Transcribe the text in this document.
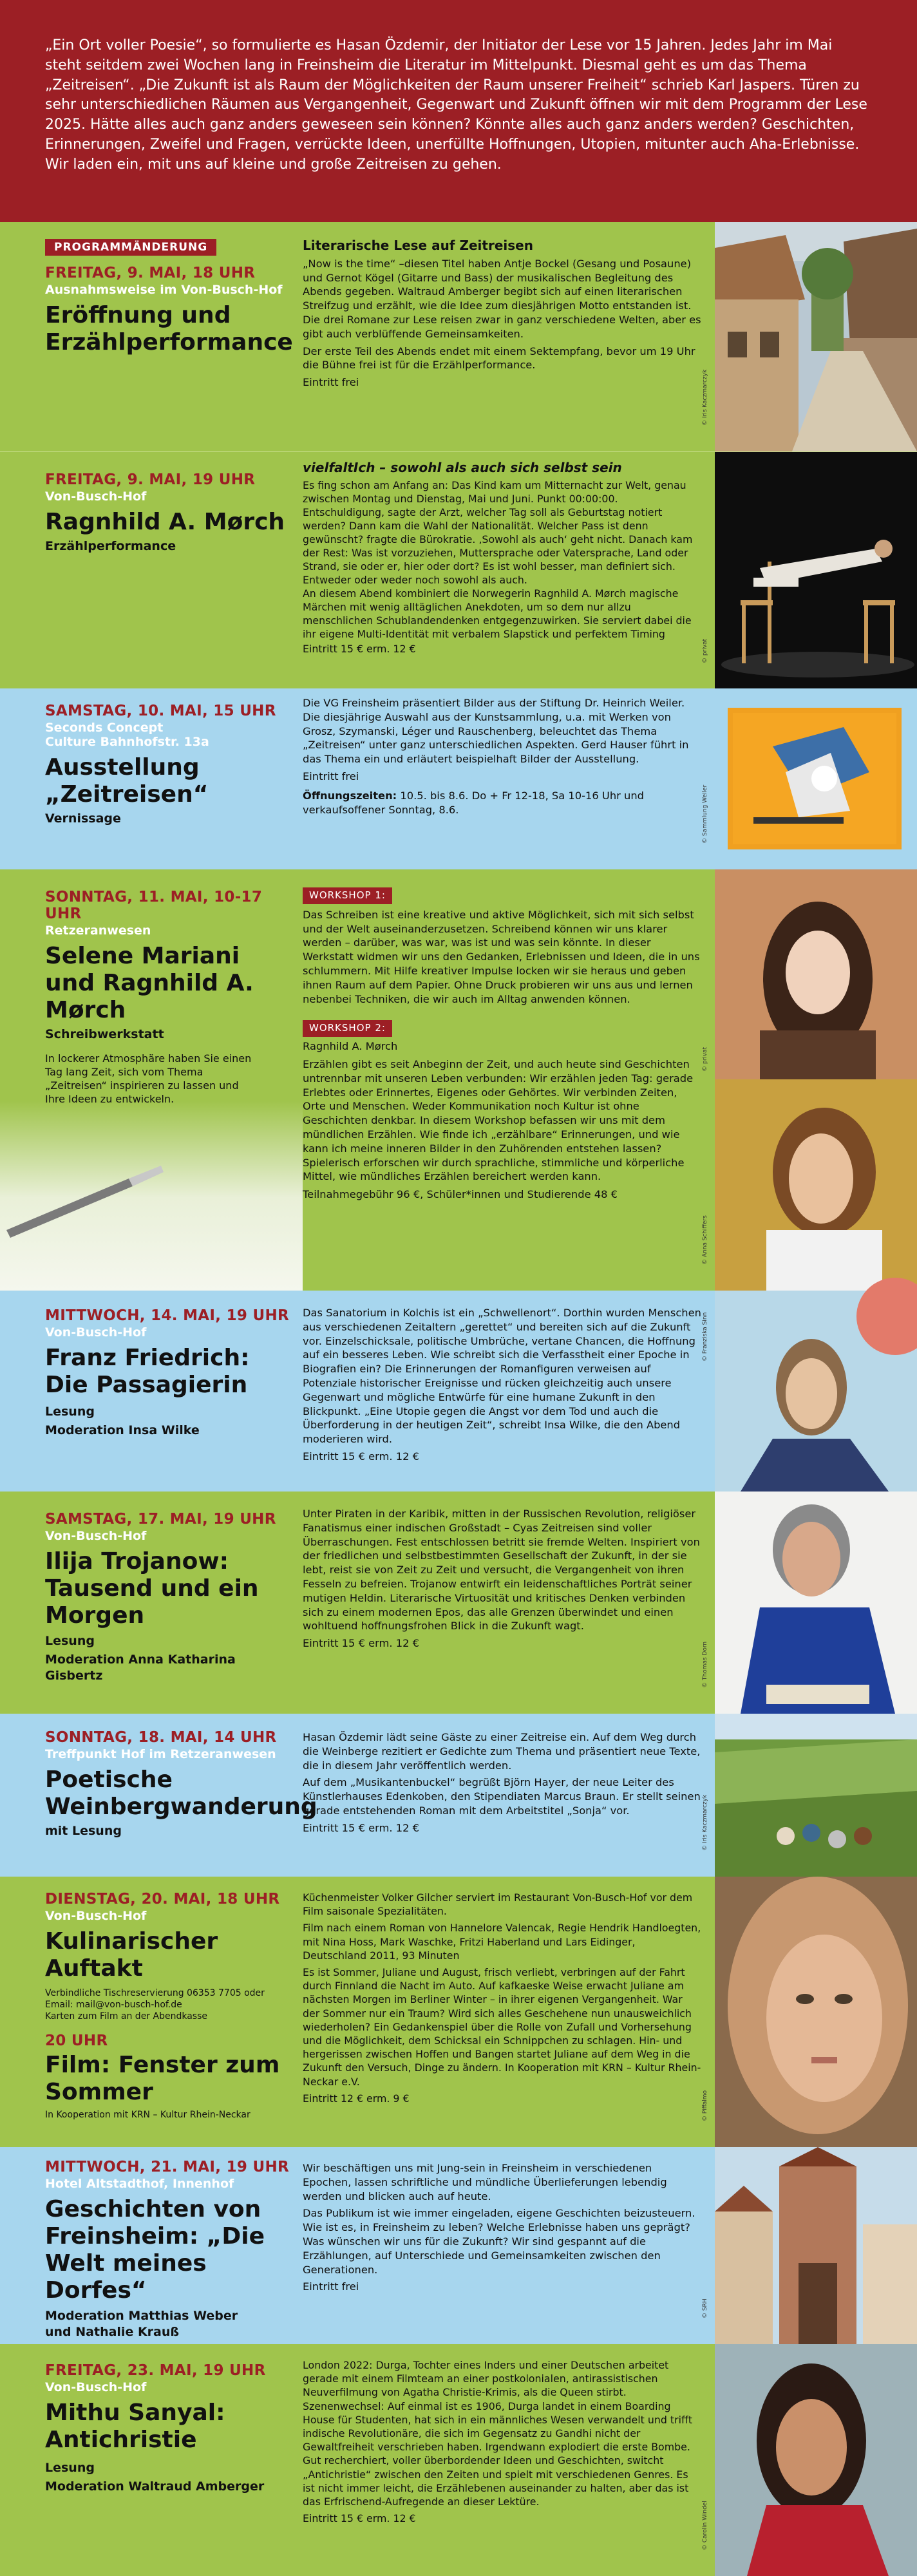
„Ein Ort voller Poesie“, so formulierte es Hasan Özdemir, der Initiator der Lese vor 15 Jahren. Jedes Jahr im Mai steht seitdem zwei Wochen lang in Freinsheim die Literatur im Mittelpunkt. Diesmal geht es um das Thema „Zeitreisen“. „Die Zukunft ist als Raum der Möglichkeiten der Raum unserer Freiheit“ schrieb Karl Jaspers. Türen zu sehr unterschiedlichen Räumen aus Vergangenheit, Gegenwart und Zukunft öffnen wir mit dem Programm der Lese 2025. Hätte alles auch ganz anders geweseen sein können? Könnte alles auch ganz anders werden? Geschichten, Erinnerungen, Zweifel und Fragen, verrückte Ideen, unerfüllte Hoffnungen, Utopien, mitunter auch Aha-Erlebnisse. Wir laden ein, mit uns auf kleine und große Zeitreisen zu gehen.

PROGRAMMÄNDERUNG
FREITAG, 9. MAI, 18 UHR
Ausnahmsweise im Von-Busch-Hof
Eröffnung und Erzählperformance
Literarische Lese auf Zeitreisen

„Now is the time“ –diesen Titel haben Antje Bockel (Gesang und Posaune) und Gernot Kögel (Gitarre und Bass) der musikalischen Begleitung des Abends gegeben. Waltraud Amberger begibt sich auf einen literarischen Streifzug und erzählt, wie die Idee zum diesjährigen Motto entstanden ist. Die drei Romane zur Lese reisen zwar in ganz verschiedene Welten, aber es gibt auch verblüffende Gemeinsamkeiten.

Der erste Teil des Abends endet mit einem Sektempfang, bevor um 19 Uhr die Bühne frei ist für die Erzählperformance.

Eintritt frei	© Iris Kaczmarczyk
FREITAG, 9. MAI, 19 UHR
Von-Busch-Hof
Ragnhild A. Mørch
Erzählperformance
vielfaltIch – sowohl als auch sich selbst sein

Es fing schon am Anfang an: Das Kind kam um Mitternacht zur Welt, genau zwischen Montag und Dienstag, Mai und Juni. Punkt 00:00:00. Entschuldigung, sagte der Arzt, welcher Tag soll als Geburtstag notiert werden? Dann kam die Wahl der Nationalität. Welcher Pass ist denn gewünscht? fragte die Bürokratie. ‚Sowohl als auch‘ geht nicht. Danach kam der Rest: Was ist vorzuziehen, Muttersprache oder Vatersprache, Land oder Strand, sie oder er, hier oder dort? Es ist wohl besser, man definiert sich. Entweder oder weder noch sowohl als auch.

An diesem Abend kombiniert die Norwegerin Ragnhild A. Mørch magische Märchen mit wenig alltäglichen Anekdoten, um so dem nur allzu menschlichen Schublandendenken entgegenzuwirken. Sie serviert dabei die ihr eigene Multi-Identität mit verbalem Slapstick und perfektem Timing

Eintritt 15 € erm. 12 €	© privat
SAMSTAG, 10. MAI, 15 UHR
Seconds Concept Culture Bahnhofstr. 13a
Ausstellung „Zeitreisen“
Vernissage

Die VG Freinsheim präsentiert Bilder aus der Stiftung Dr. Heinrich Weiler. Die diesjährige Auswahl aus der Kunstsammlung, u.a. mit Werken von Grosz, Szymanski, Léger und Rauschenberg, beleuchtet das Thema „Zeitreisen“ unter ganz unterschiedlichen Aspekten. Gerd Hauser führt in das Thema ein und erläutert beispielhaft Bilder der Ausstellung.

Eintritt frei

Öffnungszeiten: 10.5. bis 8.6. Do + Fr 12-18, Sa 10-16 Uhr und verkaufsoffener Sonntag, 8.6.	© Sammlung Weiler
SONNTAG, 11. MAI, 10-17 UHR
Retzeranwesen
Selene Mariani und Ragnhild A. Mørch
Schreibwerkstatt
In lockerer Atmosphäre haben Sie einen Tag lang Zeit, sich vom Thema „Zeitreisen“ inspirieren zu lassen und Ihre Ideen zu entwickeln.
WORKSHOP 1:

Das Schreiben ist eine kreative und aktive Möglichkeit, sich mit sich selbst und der Welt auseinanderzusetzen. Schreibend können wir uns klarer werden – darüber, was war, was ist und was sein könnte. In dieser Werkstatt widmen wir uns den Gedanken, Erlebnissen und Ideen, die in uns schlummern. Mit Hilfe kreativer Impulse locken wir sie heraus und geben ihnen Raum auf dem Papier. Ohne Druck probieren wir uns aus und lernen nebenbei Techniken, die wir auch im Alltag anwenden können.

WORKSHOP 2:

Ragnhild A. Mørch

Erzählen gibt es seit Anbeginn der Zeit, und auch heute sind Geschichten untrennbar mit unseren Leben verbunden: Wir erzählen jeden Tag: gerade Erlebtes oder Erinnertes, Eigenes oder Gehörtes. Wir verbinden Zeiten, Orte und Menschen. Weder Kommunikation noch Kultur ist ohne Geschichten denkbar. In diesem Workshop befassen wir uns mit dem mündlichen Erzählen. Wie finde ich „erzählbare“ Erinnerungen, und wie kann ich meine inneren Bilder in den Zuhörenden entstehen lassen? Spielerisch erforschen wir durch sprachliche, stimmliche und körperliche Mittel, wie mündliches Erzählen bereichert werden kann.

Teilnahmegebühr 96 €, Schüler*innen und Studierende 48 €

© privat
© Anna Schiffers
MITTWOCH, 14. MAI, 19 UHR
Von-Busch-Hof
Franz Friedrich: Die Passagierin
Lesung
Moderation Insa Wilke

Das Sanatorium in Kolchis ist ein „Schwellenort“. Dorthin wurden Menschen aus verschiedenen Zeitaltern „gerettet“ und bereiten sich auf die Zukunft vor. Einzelschicksale, politische Umbrüche, vertane Chancen, die Hoffnung auf ein besseres Leben. Wie schreibt sich die Verfasstheit einer Epoche in Biografien ein? Die Erinnerungen der Romanfiguren verweisen auf Potenziale historischer Ereignisse und rücken gleichzeitig auch unsere Gegenwart und mögliche Entwürfe für eine humane Zukunft in den Blickpunkt. „Eine Utopie gegen die Angst vor dem Tod und auch die Überforderung in der heutigen Zeit“, schreibt Insa Wilke, die den Abend moderieren wird.

Eintritt 15 € erm. 12 €

© Franziska Sinn
SAMSTAG, 17. MAI, 19 UHR
Von-Busch-Hof
Ilija Trojanow: Tausend und ein Morgen
Lesung
Moderation Anna Katharina Gisbertz

Unter Piraten in der Karibik, mitten in der Russischen Revolution, religiöser Fanatismus einer indischen Großstadt – Cyas Zeitreisen sind voller Überraschungen. Fest entschlossen betritt sie fremde Welten. Inspiriert von der friedlichen und selbstbestimmten Gesellschaft der Zukunft, in der sie lebt, reist sie von Zeit zu Zeit und versucht, die Vergangenheit von ihren Fesseln zu befreien. Trojanow entwirft ein leidenschaftliches Porträt seiner mutigen Heldin. Literarische Virtuosität und kritisches Denken verbinden sich zu einem modernen Epos, das alle Grenzen überwindet und einen wohltuend hoffnungsfrohen Blick in die Zukunft wagt.

Eintritt 15 € erm. 12 €	© Thomas Dorn
SONNTAG, 18. MAI, 14 UHR
Treffpunkt Hof im Retzeranwesen
Poetische Weinbergwanderung
mit Lesung

Hasan Özdemir lädt seine Gäste zu einer Zeitreise ein. Auf dem Weg durch die Weinberge rezitiert er Gedichte zum Thema und präsentiert neue Texte, die in diesem Jahr veröffentlich werden.

Auf dem „Musikantenbuckel“ begrüßt Björn Hayer, der neue Leiter des Künstlerhauses Edenkoben, den Stipendiaten Marcus Braun. Er stellt seinen gerade entstehenden Roman mit dem Arbeitstitel „Sonja“ vor.

Eintritt 15 € erm. 12 €	© Iris Kaczmarczyk
DIENSTAG, 20. MAI, 18 UHR
Von-Busch-Hof
Kulinarischer Auftakt
Verbindliche Tischreservierung 06353 7705 oder
Email: mail@von-busch-hof.de
Karten zum Film an der Abendkasse
20 UHR
Film: Fenster zum Sommer
In Kooperation mit KRN – Kultur Rhein-Neckar

Küchenmeister Volker Gilcher serviert im Restaurant Von-Busch-Hof vor dem Film saisonale Spezialitäten.

Film nach einem Roman von Hannelore Valencak, Regie Hendrik Handloegten, mit Nina Hoss, Mark Waschke, Fritzi Haberland und Lars Eidinger, Deutschland 2011, 93 Minuten

Es ist Sommer, Juliane und August, frisch verliebt, verbringen auf der Fahrt durch Finnland die Nacht im Auto. Auf kafkaeske Weise erwacht Juliane am nächsten Morgen im Berliner Winter – in ihrer eigenen Vergangenheit. War der Sommer nur ein Traum? Wird sich alles Geschehene nun unausweichlich wiederholen? Ein Gedankenspiel über die Rolle von Zufall und Vorhersehung und die Möglichkeit, dem Schicksal ein Schnippchen zu schlagen. Hin- und hergerissen zwischen Hoffen und Bangen startet Juliane auf dem Weg in die Zukunft den Versuch, Dinge zu ändern. In Kooperation mit KRN – Kultur Rhein-Neckar e.V.

Eintritt 12 € erm. 9 €	© Piffalmo
MITTWOCH, 21. MAI, 19 UHR
Hotel Altstadthof, Innenhof
Geschichten von Freinsheim: „Die Welt meines Dorfes“
Moderation Matthias Weber und Nathalie Krauß

Wir beschäftigen uns mit Jung-sein in Freinsheim in verschiedenen Epochen, lassen schriftliche und mündliche Überlieferungen lebendig werden und blicken auch auf heute.

Das Publikum ist wie immer eingeladen, eigene Geschichten beizusteuern. Wie ist es, in Freinsheim zu leben? Welche Erlebnisse haben uns geprägt? Was wünschen wir uns für die Zukunft? Wir sind gespannt auf die Erzählungen, auf Unterschiede und Gemeinsamkeiten zwischen den Generationen.

Eintritt frei

© SRH
FREITAG, 23. MAI, 19 UHR
Von-Busch-Hof
Mithu Sanyal: Antichristie
Lesung
Moderation Waltraud Amberger

London 2022: Durga, Tochter eines Inders und einer Deutschen arbeitet gerade mit einem Filmteam an einer postkolonialen, antirassistischen Neuverfilmung von Agatha Christie-Krimis, als die Queen stirbt. Szenenwechsel: Auf einmal ist es 1906, Durga landet in einem Boarding House für Studenten, hat sich in ein männliches Wesen verwandelt und trifft indische Revolutionäre, die sich im Gegensatz zu Gandhi nicht der Gewaltfreiheit verschrieben haben. Irgendwann explodiert die erste Bombe. Gut recherchiert, voller überbordender Ideen und Geschichten, switcht „Antichristie“ zwischen den Zeiten und spielt mit verschiedenen Genres. Es ist nicht immer leicht, die Erzählebenen auseinander zu halten, aber das ist das Erfrischend-Aufregende an dieser Lektüre.

Eintritt 15 € erm. 12 €	© Carolin Windel
